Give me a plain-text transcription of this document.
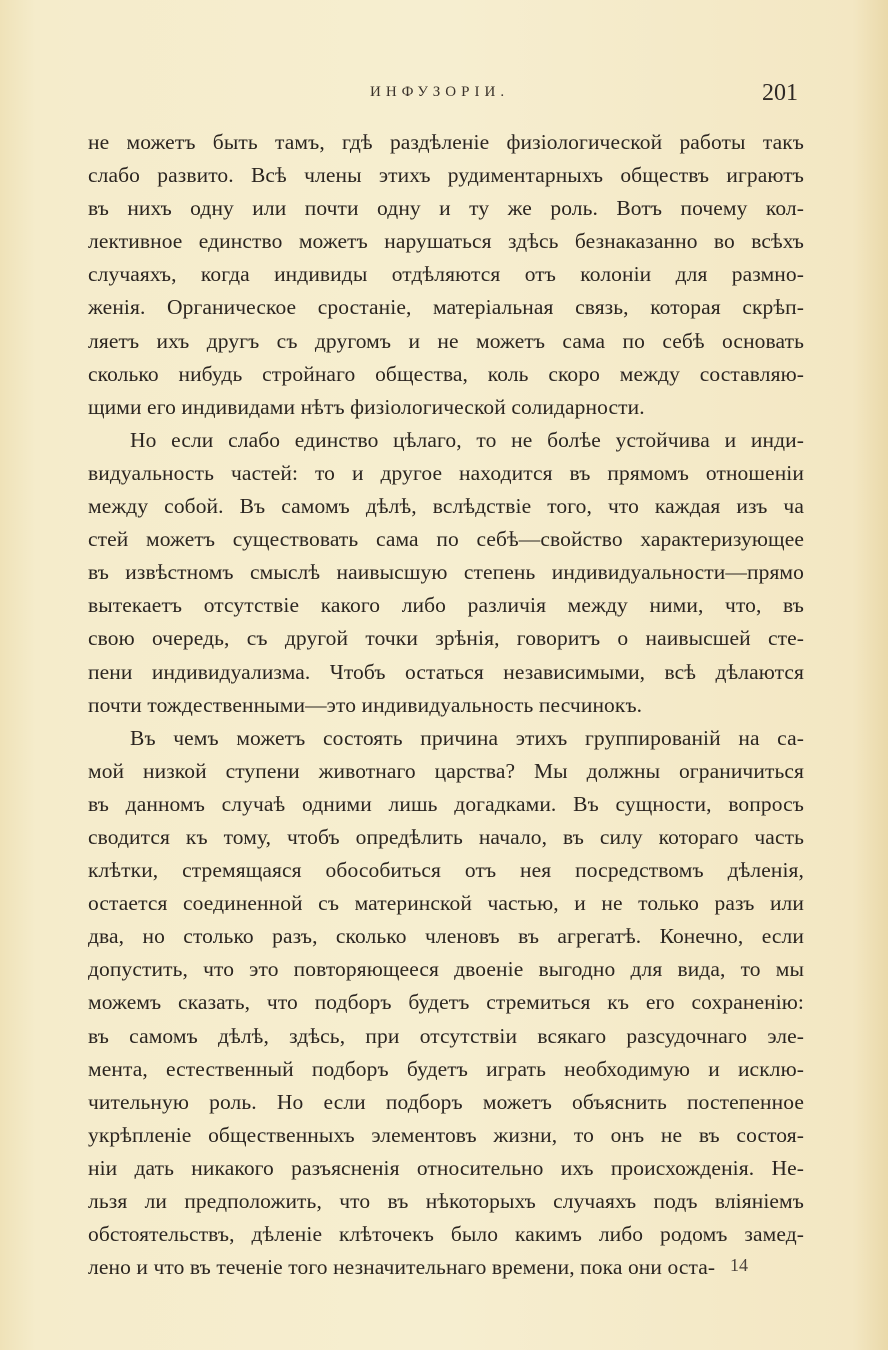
ИНФУЗОРІИ.	201

не можетъ быть тамъ, гдѣ раздѣленіе физіологической работы такъ
слабо развито. Всѣ члены этихъ рудиментарныхъ обществъ играютъ
въ нихъ одну или почти одну и ту же роль. Вотъ почему кол-
лективное единство можетъ нарушаться здѣсь безнаказанно во всѣхъ
случаяхъ, когда индивиды отдѣляются отъ колоніи для размно-
женія. Органическое сростаніе, матеріальная связь, которая скрѣп-
ляетъ ихъ другъ съ другомъ и не можетъ сама по себѣ основать
сколько нибудь стройнаго общества, коль скоро между составляю-
щими его индивидами нѣтъ физіологической солидарности.

Но если слабо единство цѣлаго, то не болѣе устойчива и инди-
видуальность частей: то и другое находится въ прямомъ отношеніи
между собой. Въ самомъ дѣлѣ, вслѣдствіе того, что каждая изъ ча
стей можетъ существовать сама по себѣ—свойство характеризующее
въ извѣстномъ смыслѣ наивысшую степень индивидуальности—прямо
вытекаетъ отсутствіе какого либо различія между ними, что, въ
свою очередь, съ другой точки зрѣнія, говоритъ о наивысшей сте-
пени индивидуализма. Чтобъ остаться независимыми, всѣ дѣлаются
почти тождественными—это индивидуальность песчинокъ.

Въ чемъ можетъ состоять причина этихъ группированій на са-
мой низкой ступени животнаго царства? Мы должны ограничиться
въ данномъ случаѣ одними лишь догадками. Въ сущности, вопросъ
сводится къ тому, чтобъ опредѣлить начало, въ силу котораго часть
клѣтки, стремящаяся обособиться отъ нея посредствомъ дѣленія,
остается соединенной съ материнской частью, и не только разъ или
два, но столько разъ, сколько членовъ въ агрегатѣ. Конечно, если
допустить, что это повторяющееся двоеніе выгодно для вида, то мы
можемъ сказать, что подборъ будетъ стремиться къ его сохраненію:
въ самомъ дѣлѣ, здѣсь, при отсутствіи всякаго разсудочнаго эле-
мента, естественный подборъ будетъ играть необходимую и исклю-
чительную роль. Но если подборъ можетъ объяснить постепенное
укрѣпленіе общественныхъ элементовъ жизни, то онъ не въ состоя-
ніи дать никакого разъясненія относительно ихъ происхожденія. Не-
льзя ли предположить, что въ нѣкоторыхъ случаяхъ подъ вліяніемъ
обстоятельствъ, дѣленіе клѣточекъ было какимъ либо родомъ замед-
лено и что въ теченіе того незначительнаго времени, пока они оста- 14
